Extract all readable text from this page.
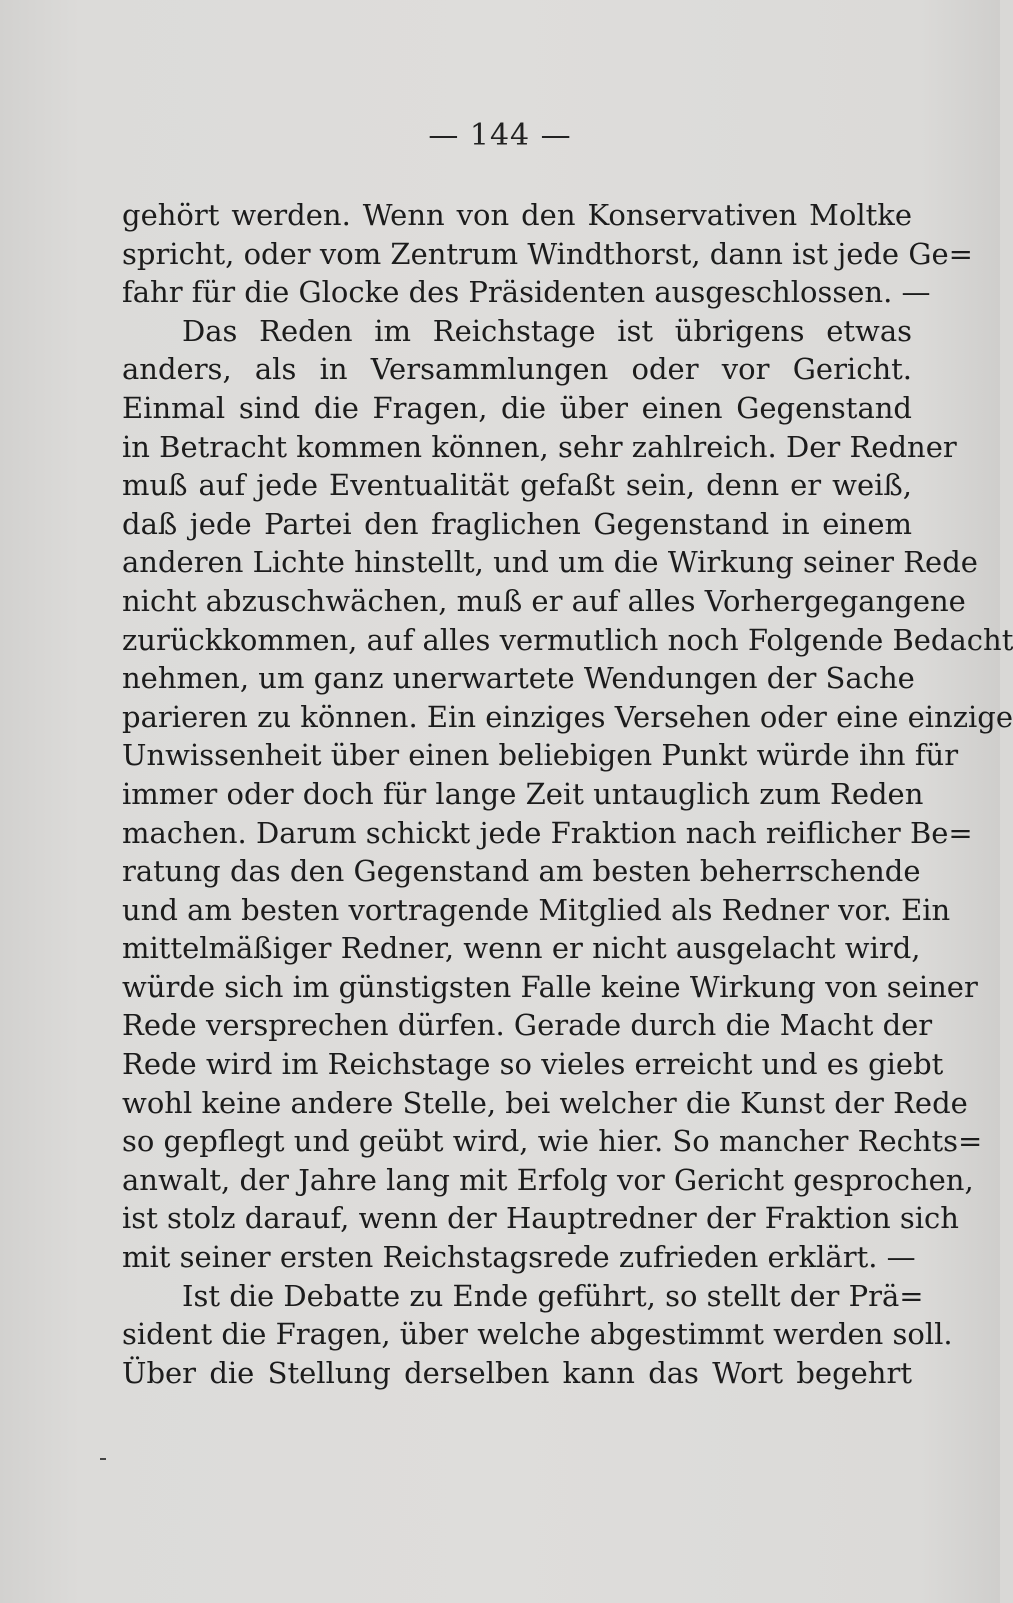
— 144 —
gehört werden. Wenn von den Konservativen Moltke
spricht, oder vom Zentrum Windthorst, dann ist jede Ge=
fahr für die Glocke des Präsidenten ausgeschlossen. —
Das Reden im Reichstage ist übrigens etwas
anders, als in Versammlungen oder vor Gericht.
Einmal sind die Fragen, die über einen Gegenstand
in Betracht kommen können, sehr zahlreich. Der Redner
muß auf jede Eventualität gefaßt sein, denn er weiß,
daß jede Partei den fraglichen Gegenstand in einem
anderen Lichte hinstellt, und um die Wirkung seiner Rede
nicht abzuschwächen, muß er auf alles Vorhergegangene
zurückkommen, auf alles vermutlich noch Folgende Bedacht
nehmen, um ganz unerwartete Wendungen der Sache
parieren zu können. Ein einziges Versehen oder eine einzige
Unwissenheit über einen beliebigen Punkt würde ihn für
immer oder doch für lange Zeit untauglich zum Reden
machen. Darum schickt jede Fraktion nach reiflicher Be=
ratung das den Gegenstand am besten beherrschende
und am besten vortragende Mitglied als Redner vor. Ein
mittelmäßiger Redner, wenn er nicht ausgelacht wird,
würde sich im günstigsten Falle keine Wirkung von seiner
Rede versprechen dürfen. Gerade durch die Macht der
Rede wird im Reichstage so vieles erreicht und es giebt
wohl keine andere Stelle, bei welcher die Kunst der Rede
so gepflegt und geübt wird, wie hier. So mancher Rechts=
anwalt, der Jahre lang mit Erfolg vor Gericht gesprochen,
ist stolz darauf, wenn der Hauptredner der Fraktion sich
mit seiner ersten Reichstagsrede zufrieden erklärt. —
Ist die Debatte zu Ende geführt, so stellt der Prä=
sident die Fragen, über welche abgestimmt werden soll.
Über die Stellung derselben kann das Wort begehrt
